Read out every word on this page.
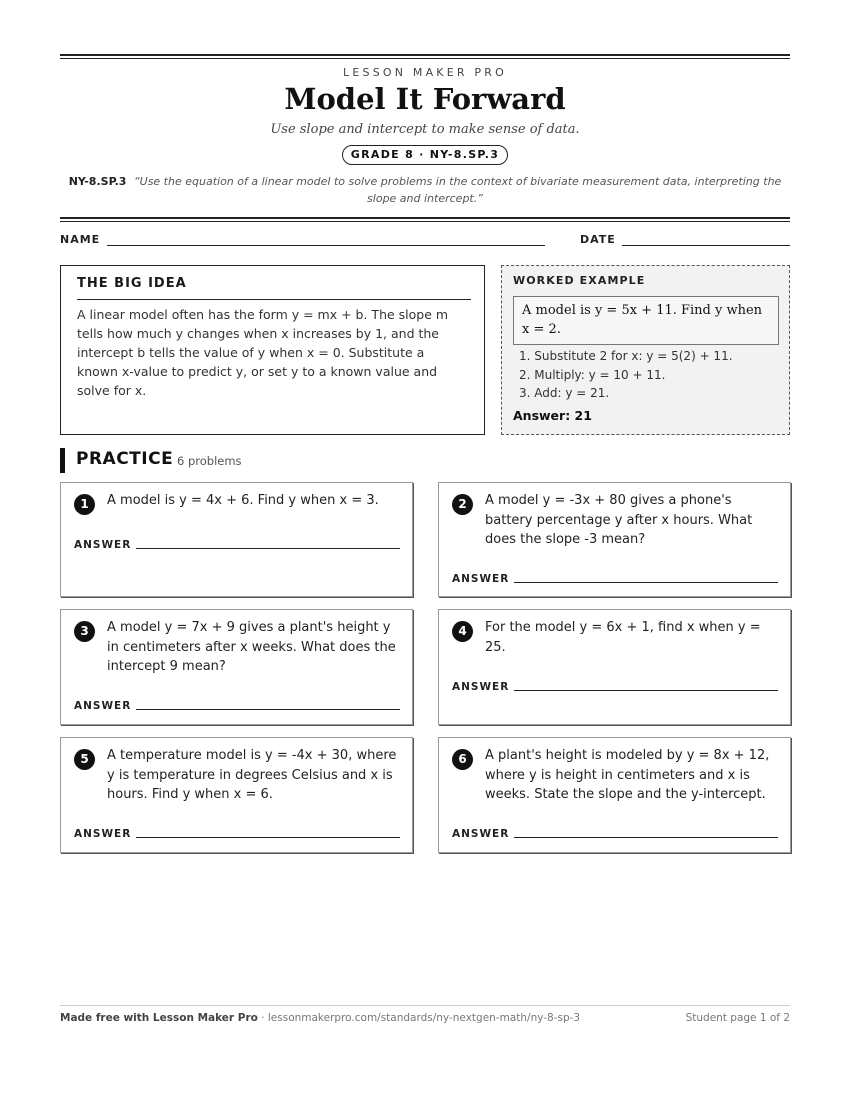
LESSON MAKER PRO
Model It Forward
Use slope and intercept to make sense of data.
GRADE 8 · NY-8.SP.3
NY-8.SP.3 “Use the equation of a linear model to solve problems in the context of bivariate measurement data, interpreting the slope and intercept.”
NAME	DATE
THE BIG IDEA

A linear model often has the form y = mx + b. The slope m tells how much y changes when x increases by 1, and the intercept b tells the value of y when x = 0. Substitute a known x-value to predict y, or set y to a known value and solve for x.

WORKED EXAMPLE
A model is y = 5x + 11. Find y when x = 2.
1. Substitute 2 for x: y = 5(2) + 11.
2. Multiply: y = 10 + 11.
3. Add: y = 21.
Answer: 21
PRACTICE 6 problems
1	A model is y = 4x + 6. Find y when x = 3.
ANSWER
2	A model y = -3x + 80 gives a phone's battery percentage y after x hours. What does the slope -3 mean?
ANSWER
3	A model y = 7x + 9 gives a plant's height y in centimeters after x weeks. What does the intercept 9 mean?
ANSWER
4	For the model y = 6x + 1, find x when y = 25.
ANSWER
5	A temperature model is y = -4x + 30, where y is temperature in degrees Celsius and x is hours. Find y when x = 6.
ANSWER
6	A plant's height is modeled by y = 8x + 12, where y is height in centimeters and x is weeks. State the slope and the y-intercept.
ANSWER
Made free with Lesson Maker Pro · lessonmakerpro.com/standards/ny-nextgen-math/ny-8-sp-3	Student page 1 of 2
